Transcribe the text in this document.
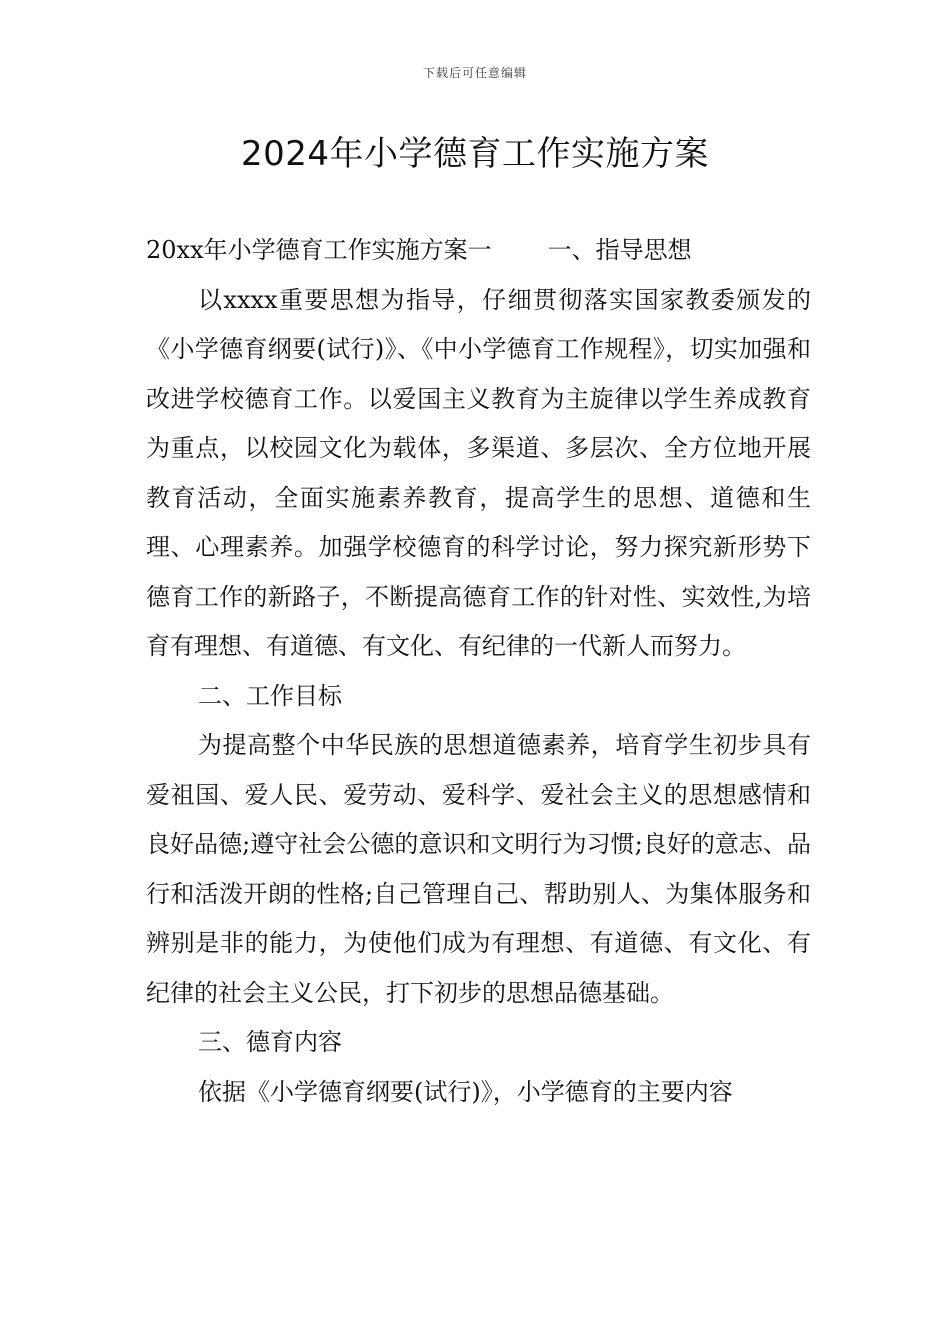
下载后可任意编辑
2024年小学德育工作实施方案

20xx年小学德育工作实施方案一 一、指导思想

以xxxx重要思想为指导，仔细贯彻落实国家教委颁发的《小学德育纲要(试行)》、《中小学德育工作规程》，切实加强和改进学校德育工作。以爱国主义教育为主旋律以学生养成教育为重点，以校园文化为载体，多渠道、多层次、全方位地开展教育活动，全面实施素养教育，提高学生的思想、道德和生理、心理素养。加强学校德育的科学讨论，努力探究新形势下德育工作的新路子，不断提高德育工作的针对性、实效性,为培育有理想、有道德、有文化、有纪律的一代新人而努力。

二、工作目标

为提高整个中华民族的思想道德素养，培育学生初步具有爱祖国、爱人民、爱劳动、爱科学、爱社会主义的思想感情和良好品德;遵守社会公德的意识和文明行为习惯;良好的意志、品行和活泼开朗的性格;自己管理自己、帮助别人、为集体服务和辨别是非的能力，为使他们成为有理想、有道德、有文化、有纪律的社会主义公民，打下初步的思想品德基础。

三、德育内容

依据《小学德育纲要(试行)》，小学德育的主要内容
